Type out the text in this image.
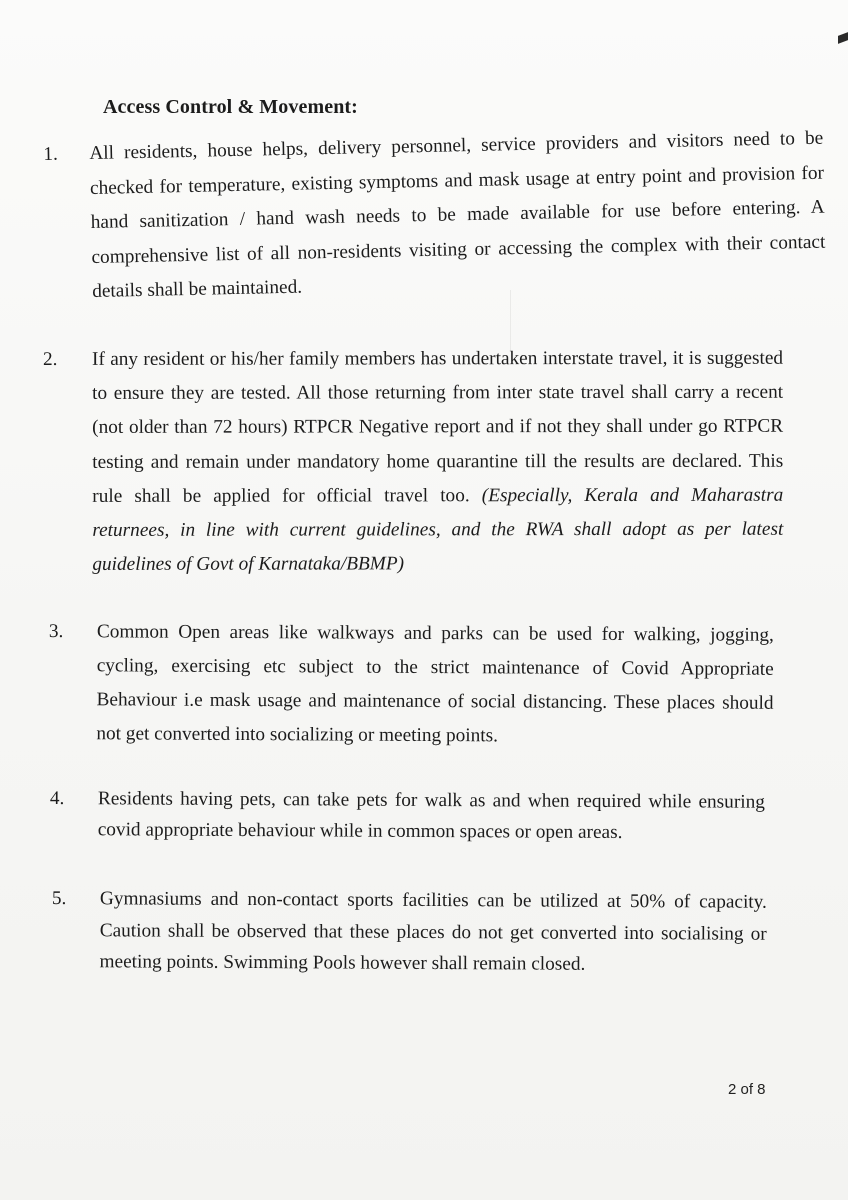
Access Control & Movement:
1.	All residents, house helps, delivery personnel, service providers and visitors need to be checked for temperature, existing symptoms and mask usage at entry point and provision for hand sanitization / hand wash needs to be made available for use before entering. A comprehensive list of all non-residents visiting or accessing the complex with their contact details shall be maintained.
2.	If any resident or his/her family members has undertaken interstate travel, it is suggested to ensure they are tested. All those returning from inter state travel shall carry a recent (not older than 72 hours) RTPCR Negative report and if not they shall under go RTPCR testing and remain under mandatory home quarantine till the results are declared. This rule shall be applied for official travel too. (Especially, Kerala and Maharastra returnees, in line with current guidelines, and the RWA shall adopt as per latest guidelines of Govt of Karnataka/BBMP)
3.	Common Open areas like walkways and parks can be used for walking, jogging, cycling, exercising etc subject to the strict maintenance of Covid Appropriate Behaviour i.e mask usage and maintenance of social distancing. These places should not get converted into socializing or meeting points.
4.	Residents having pets, can take pets for walk as and when required while ensuring covid appropriate behaviour while in common spaces or open areas.
5.	Gymnasiums and non-contact sports facilities can be utilized at 50% of capacity. Caution shall be observed that these places do not get converted into socialising or meeting points. Swimming Pools however shall remain closed.
2 of 8
